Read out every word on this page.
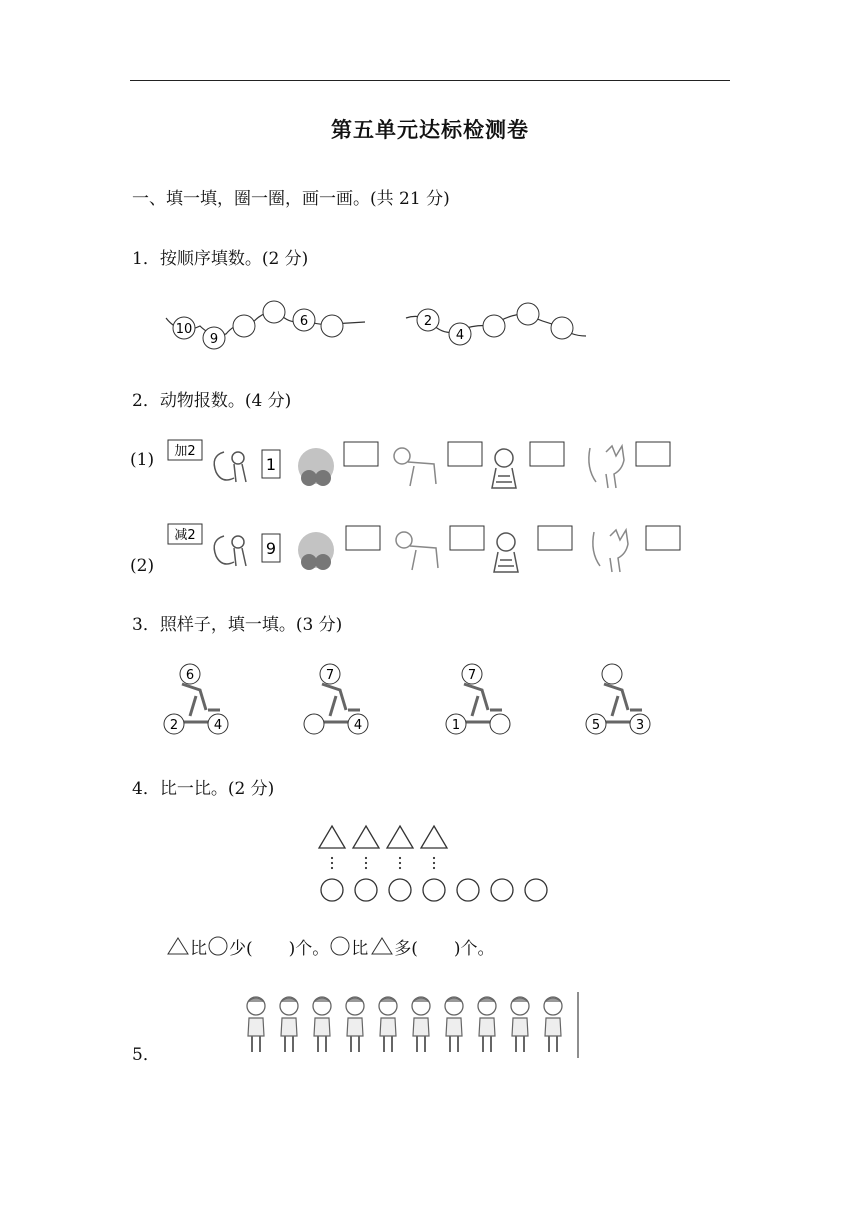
第五单元达标检测卷
一、填一填，圈一圈，画一画。(共 21 分)
1．按顺序填数。(2 分)
10
9
6	2
4
2．动物报数。(4 分)
(1) 加2
1
(2)
减2
9
3．照样子，填一填。(3 分)
6
2	4
7
4
7
1	5	3
4．比一比。(2 分)
比 少( )个。 比 多( )个。
5．
